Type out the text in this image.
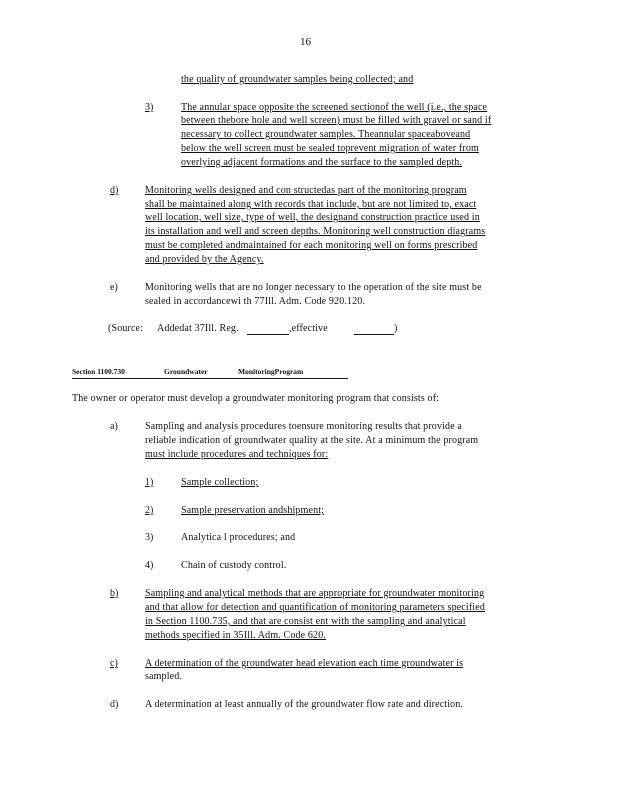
16
the quality of groundwater samples being collected; and
3)	The annular space opposite the screened sectionof the well (i.e., the space
between thebore hole and well screen) must be filled with gravel or sand if
necessary to collect groundwater samples. Theannular spaceaboveand
below the well screen must be sealed toprevent migration of water from
overlying adjacent formations and the surface to the sampled depth.
d)	Monitoring wells designed and con structedas part of the monitoring program
shall be maintained along with records that include, but are not limited to, exact
well location, well size, type of well, the designand construction practice used in
its installation and well and screen depths. Monitoring well construction diagrams
must be completed andmaintained for each monitoring well on forms prescribed
and provided by the Agency.
e)	Monitoring wells that are no longer necessary to the operation of the site must be
sealed in accordancewi th 77Ill. Adm. Code 920.120.
(Source: Addedat 37Ill. Reg.	,effective	)
Section 1100.730	Groundwater	MonitoringProgram
The owner or operator must develop a groundwater monitoring program that consists of:
a)	Sampling and analysis procedures toensure monitoring results that provide a
reliable indication of groundwater quality at the site. At a minimum the program
must include procedures and techniques for:
1)	Sample collection;
2)	Sample preservation andshipment;
3)	Analytica l procedures; and
4)	Chain of custody control.
b)	Sampling and analytical methods that are appropriate for groundwater monitoring
and that allow for detection and quantification of monitoring parameters specified
in Section 1100.735, and that are consist ent with the sampling and analytical
methods specified in 35Ill. Adm. Code 620.
c)	A determination of the groundwater head elevation each time groundwater is
sampled.
d)	A determination at least annually of the groundwater flow rate and direction.
